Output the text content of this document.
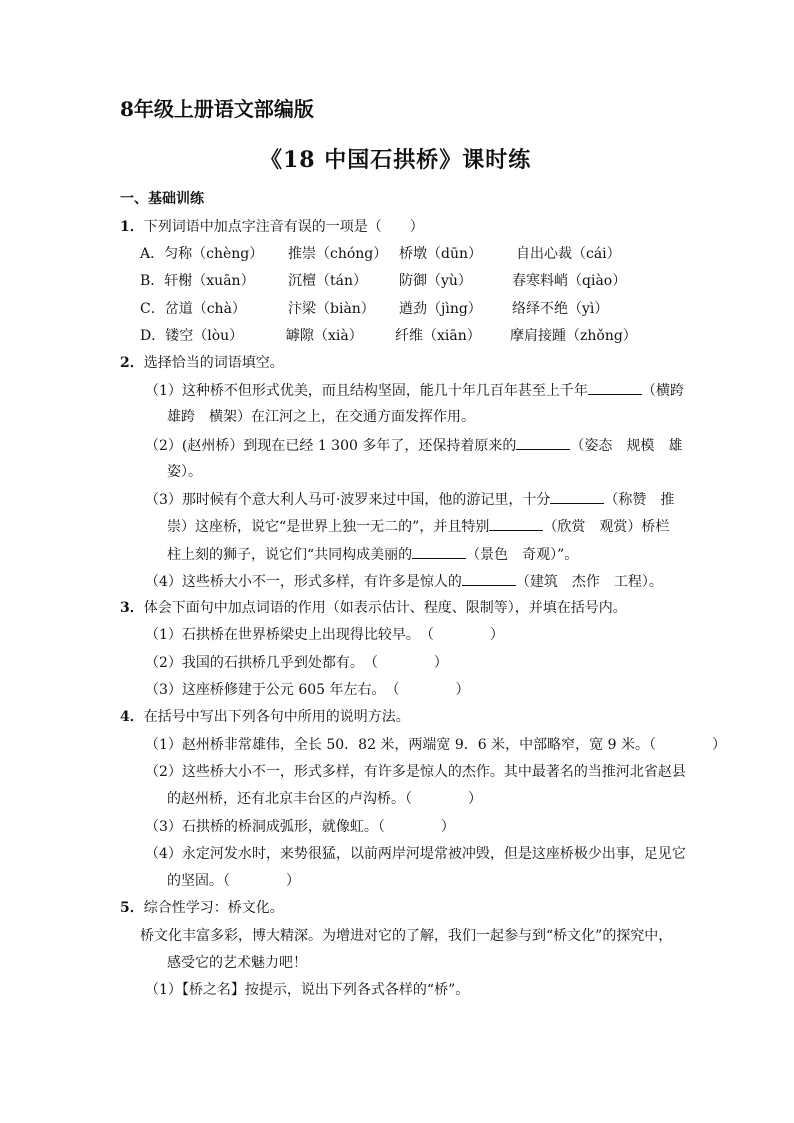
8年级上册语文部编版
《18 中国石拱桥》课时练
一、基础训练
1．下列词语中加点字注音有误的一项是（　　）
A．匀称（chèng） 推崇（chóng） 桥墩（dūn） 自出心裁（cái）
B．轩榭（xuān） 沉檀（tán） 防御（yù）	春寒料峭（qiào）
C．岔道（chà）	汴梁（biàn） 遒劲（jìng） 络绎不绝（yì）
D．镂空（lòu）	罅隙（xià） 纤维（xiān） 摩肩接踵（zhǒng）
2．选择恰当的词语填空。
（1）这种桥不但形式优美，而且结构坚固，能几十年几百年甚至上千年	（横跨
雄跨　横架）在江河之上，在交通方面发挥作用。
（2）(赵州桥）到现在已经 1 300 多年了，还保持着原来的	（姿态　规模　雄
姿）。
（3）那时候有个意大利人马可·波罗来过中国，他的游记里，十分	（称赞　推
崇）这座桥，说它“是世界上独一无二的”，并且特别	（欣赏　观赏）桥栏
柱上刻的狮子，说它们“共同构成美丽的	（景色　奇观）”。
（4）这些桥大小不一，形式多样，有许多是惊人的	（建筑　杰作　工程）。
3．体会下面句中加点词语的作用（如表示估计、程度、限制等），并填在括号内。
（1）石拱桥在世界桥梁史上出现得比较早。　（　　　　）
（2）我国的石拱桥几乎到处都有。　（　　　　）
（3）这座桥修建于公元 605 年左右。　（　　　　）
4．在括号中写出下列各句中所用的说明方法。
（1）赵州桥非常雄伟，全长 50．82 米，两端宽 9．6 米，中部略窄，宽 9 米。（　　　　）
（2）这些桥大小不一，形式多样，有许多是惊人的杰作。其中最著名的当推河北省赵县
的赵州桥，还有北京丰台区的卢沟桥。（　　　　）
（3）石拱桥的桥洞成弧形，就像虹。（　　　　）
（4）永定河发水时，来势很猛，以前两岸河堤常被冲毁，但是这座桥极少出事，足见它
的坚固。（　　　　）
5．综合性学习：桥文化。
桥文化丰富多彩，博大精深。为增进对它的了解，我们一起参与到“桥文化”的探究中，
感受它的艺术魅力吧！
（1）【桥之名】按提示，说出下列各式各样的“桥”。
